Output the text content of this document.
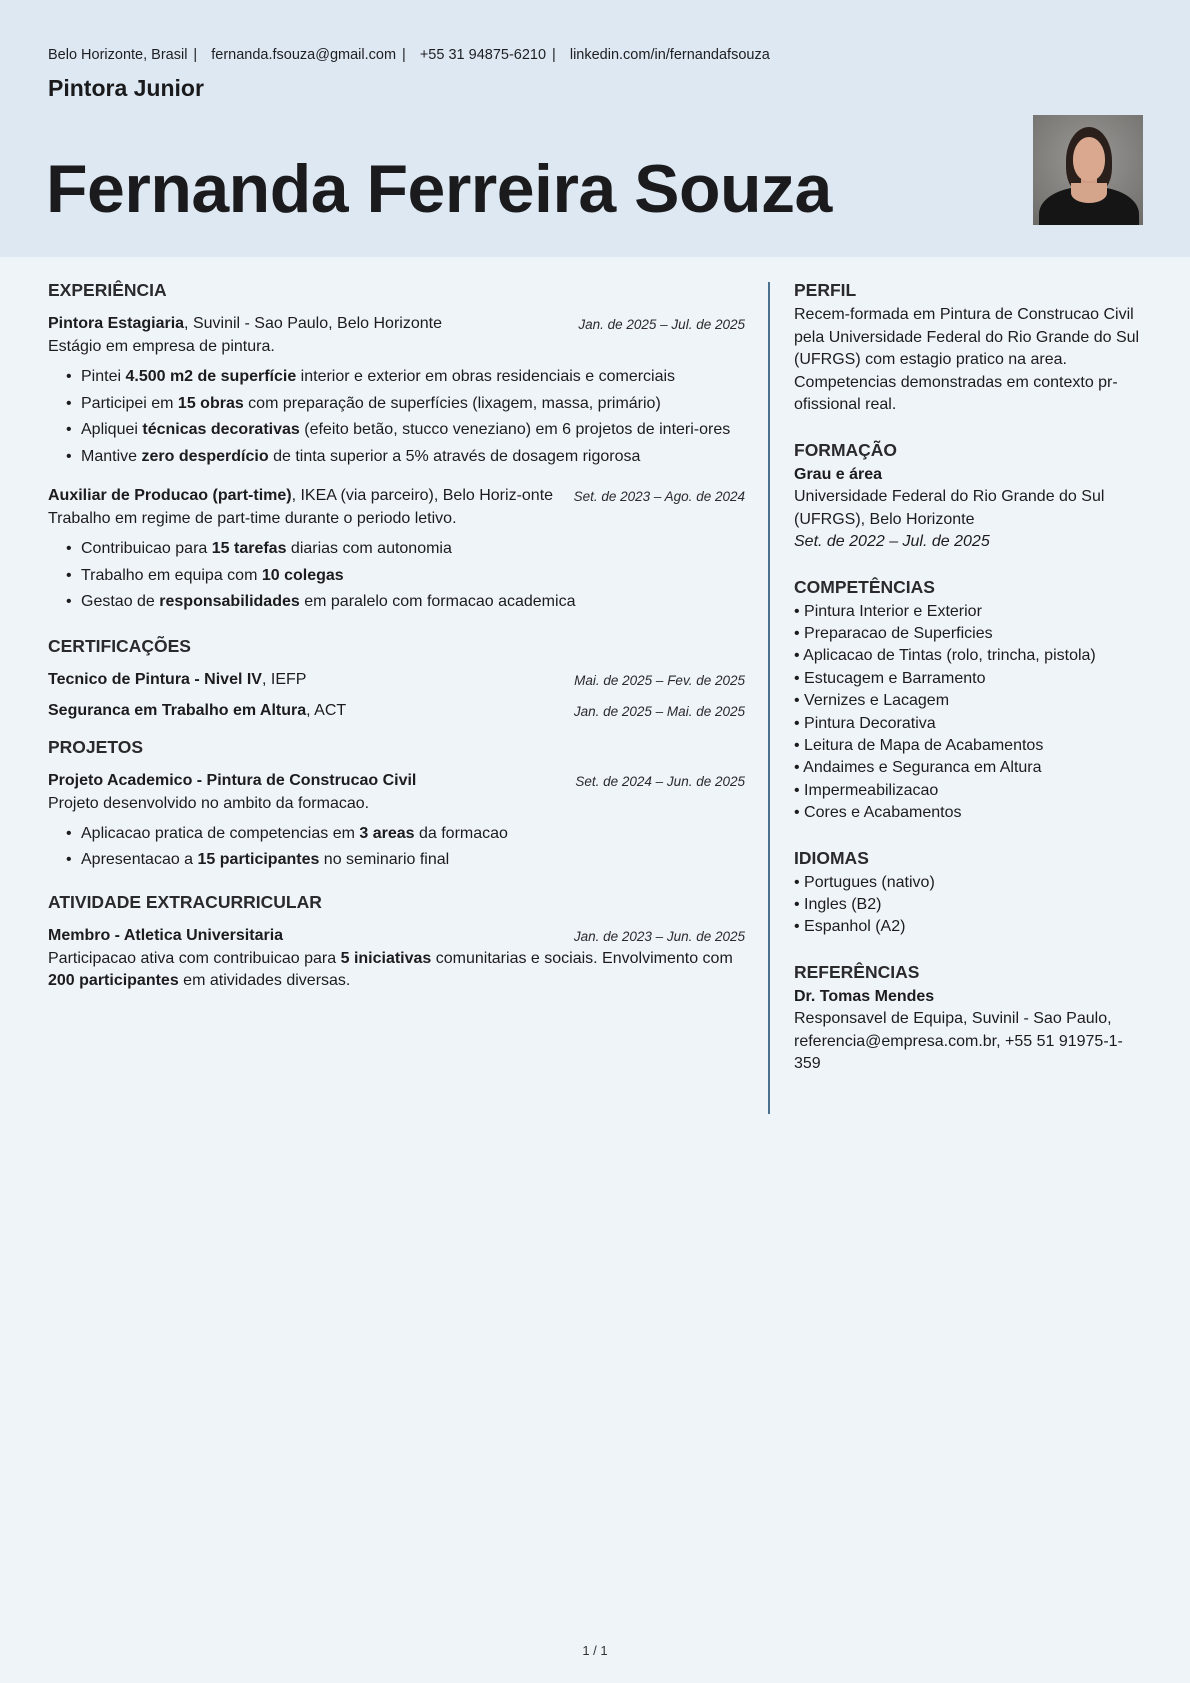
Belo Horizonte, Brasil | fernanda.fsouza@gmail.com | +55 31 94875-6210 | linkedin.com/in/fernandafsouza
Pintora Junior
Fernanda Ferreira Souza
EXPERIÊNCIA
Pintora Estagiaria, Suvinil - Sao Paulo, Belo Horizonte	Jan. de 2025 – Jul. de 2025
Estágio em empresa de pintura.
• Pintei 4.500 m2 de superfície interior e exterior em obras residenciais e comerciais
• Participei em 15 obras com preparação de superfícies (lixagem, massa, primário)
• Apliquei técnicas decorativas (efeito betão, stucco veneziano) em 6 projetos de interi-ores
• Mantive zero desperdício de tinta superior a 5% através de dosagem rigorosa
Auxiliar de Producao (part-time), IKEA (via parceiro), Belo Horiz-onte	Set. de 2023 – Ago. de 2024
Trabalho em regime de part-time durante o periodo letivo.
• Contribuicao para 15 tarefas diarias com autonomia
• Trabalho em equipa com 10 colegas
• Gestao de responsabilidades em paralelo com formacao academica
CERTIFICAÇÕES
Tecnico de Pintura - Nivel IV, IEFP	Mai. de 2025 – Fev. de 2025
Seguranca em Trabalho em Altura, ACT	Jan. de 2025 – Mai. de 2025
PROJETOS
Projeto Academico - Pintura de Construcao Civil	Set. de 2024 – Jun. de 2025
Projeto desenvolvido no ambito da formacao.
• Aplicacao pratica de competencias em 3 areas da formacao
• Apresentacao a 15 participantes no seminario final
ATIVIDADE EXTRACURRICULAR
Membro - Atletica Universitaria	Jan. de 2023 – Jun. de 2025
Participacao ativa com contribuicao para 5 iniciativas comunitarias e sociais. Envolvimento com 200 participantes em atividades diversas.
PERFIL
Recem-formada em Pintura de Construcao Civil pela Universidade Federal do Rio Grande do Sul (UFRGS) com estagio pratico na area. Competencias demonstradas em contexto pr-ofissional real.
FORMAÇÃO
Grau e área
Universidade Federal do Rio Grande do Sul (UFRGS), Belo Horizonte
Set. de 2022 – Jul. de 2025
COMPETÊNCIAS
• Pintura Interior e Exterior
• Preparacao de Superficies
• Aplicacao de Tintas (rolo, trincha, pistola)
• Estucagem e Barramento
• Vernizes e Lacagem
• Pintura Decorativa
• Leitura de Mapa de Acabamentos
• Andaimes e Seguranca em Altura
• Impermeabilizacao
• Cores e Acabamentos
IDIOMAS
• Portugues (nativo)
• Ingles (B2)
• Espanhol (A2)
REFERÊNCIAS
Dr. Tomas Mendes
Responsavel de Equipa, Suvinil - Sao Paulo, referencia@empresa.com.br, +55 51 91975-1-359
1 / 1
